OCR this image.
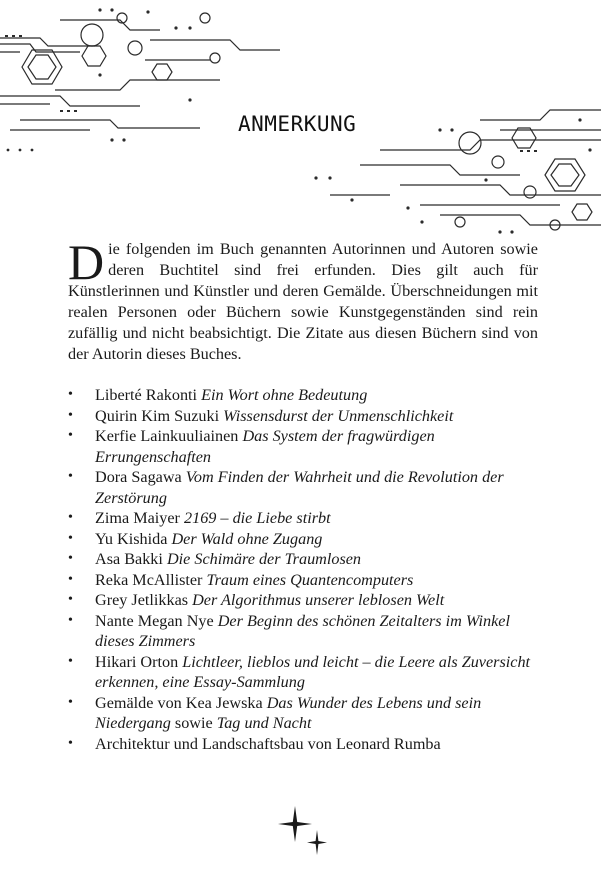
ANMERKUNG

Die folgenden im Buch genannten Autorinnen und Autoren sowie deren Buchtitel sind frei erfunden. Dies gilt auch für Künstlerinnen und Künstler und deren Gemälde. Überschneidungen mit realen Personen oder Büchern sowie Kunstgegenständen sind rein zufällig und nicht beabsichtigt. Die Zitate aus diesen Büchern sind von der Autorin dieses Buches.

• Liberté Rakonti Ein Wort ohne Bedeutung
• Quirin Kim Suzuki Wissensdurst der Unmenschlichkeit
• Kerfie Lainkuuliainen Das System der fragwürdigen Errungenschaften
• Dora Sagawa Vom Finden der Wahrheit und die Revolution der Zerstörung
• Zima Maiyer 2169 – die Liebe stirbt
• Yu Kishida Der Wald ohne Zugang
• Asa Bakki Die Schimäre der Traumlosen
• Reka McAllister Traum eines Quantencomputers
• Grey Jetlikkas Der Algorithmus unserer leblosen Welt
• Nante Megan Nye Der Beginn des schönen Zeitalters im Winkel dieses Zimmers
• Hikari Orton Lichtleer, lieblos und leicht – die Leere als Zuversicht erkennen, eine Essay-Sammlung
• Gemälde von Kea Jewska Das Wunder des Lebens und sein Niedergang sowie Tag und Nacht
• Architektur und Landschaftsbau von Leonard Rumba
